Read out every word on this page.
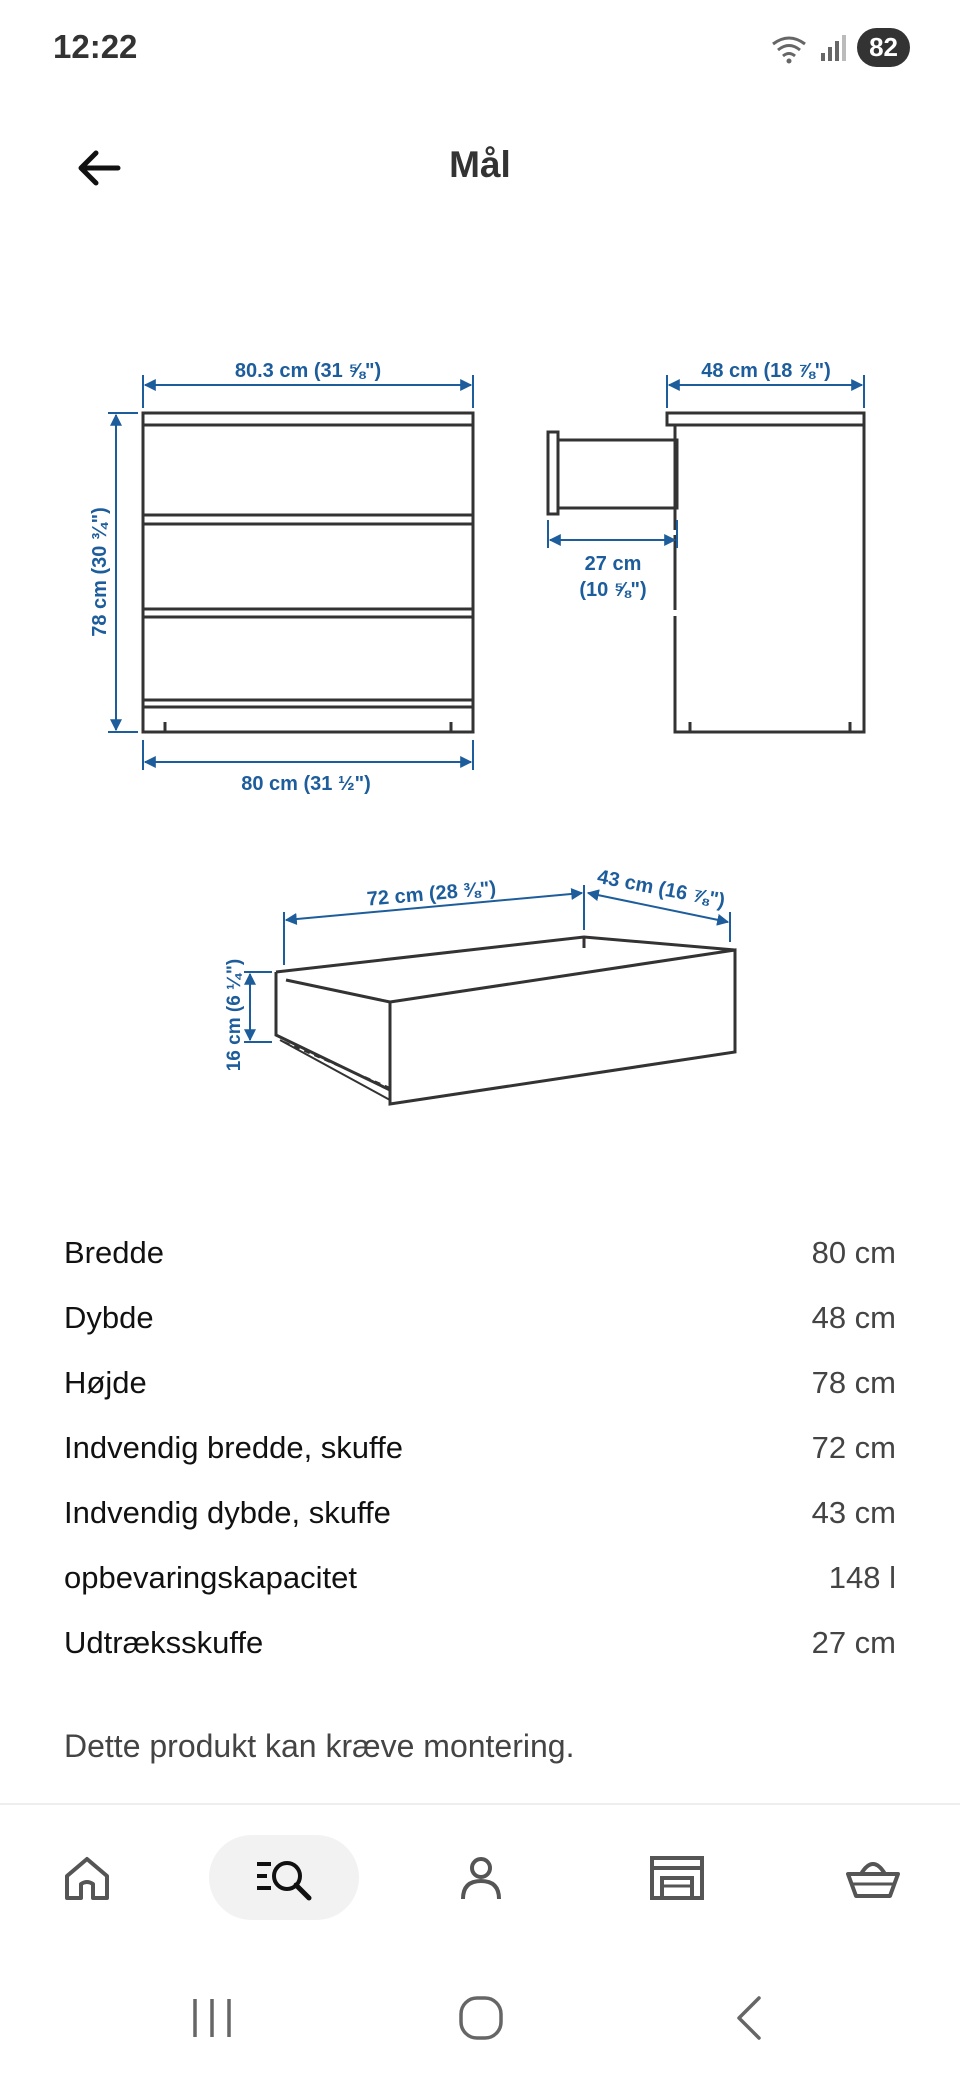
12:22	82
Mål
80.3 cm (31 ⅝")
80 cm (31 ½")
78 cm (30 ¾")
48 cm (18 ⅞")
27 cm
(10 ⅝")
72 cm (28 ⅜")	43 cm (16 ⅞")
16 cm (6 ¼")
Bredde	80 cm
Dybde	48 cm
Højde	78 cm
Indvendig bredde, skuffe	72 cm
Indvendig dybde, skuffe	43 cm
opbevaringskapacitet	148 l
Udtræksskuffe	27 cm
Dette produkt kan kræve montering.
